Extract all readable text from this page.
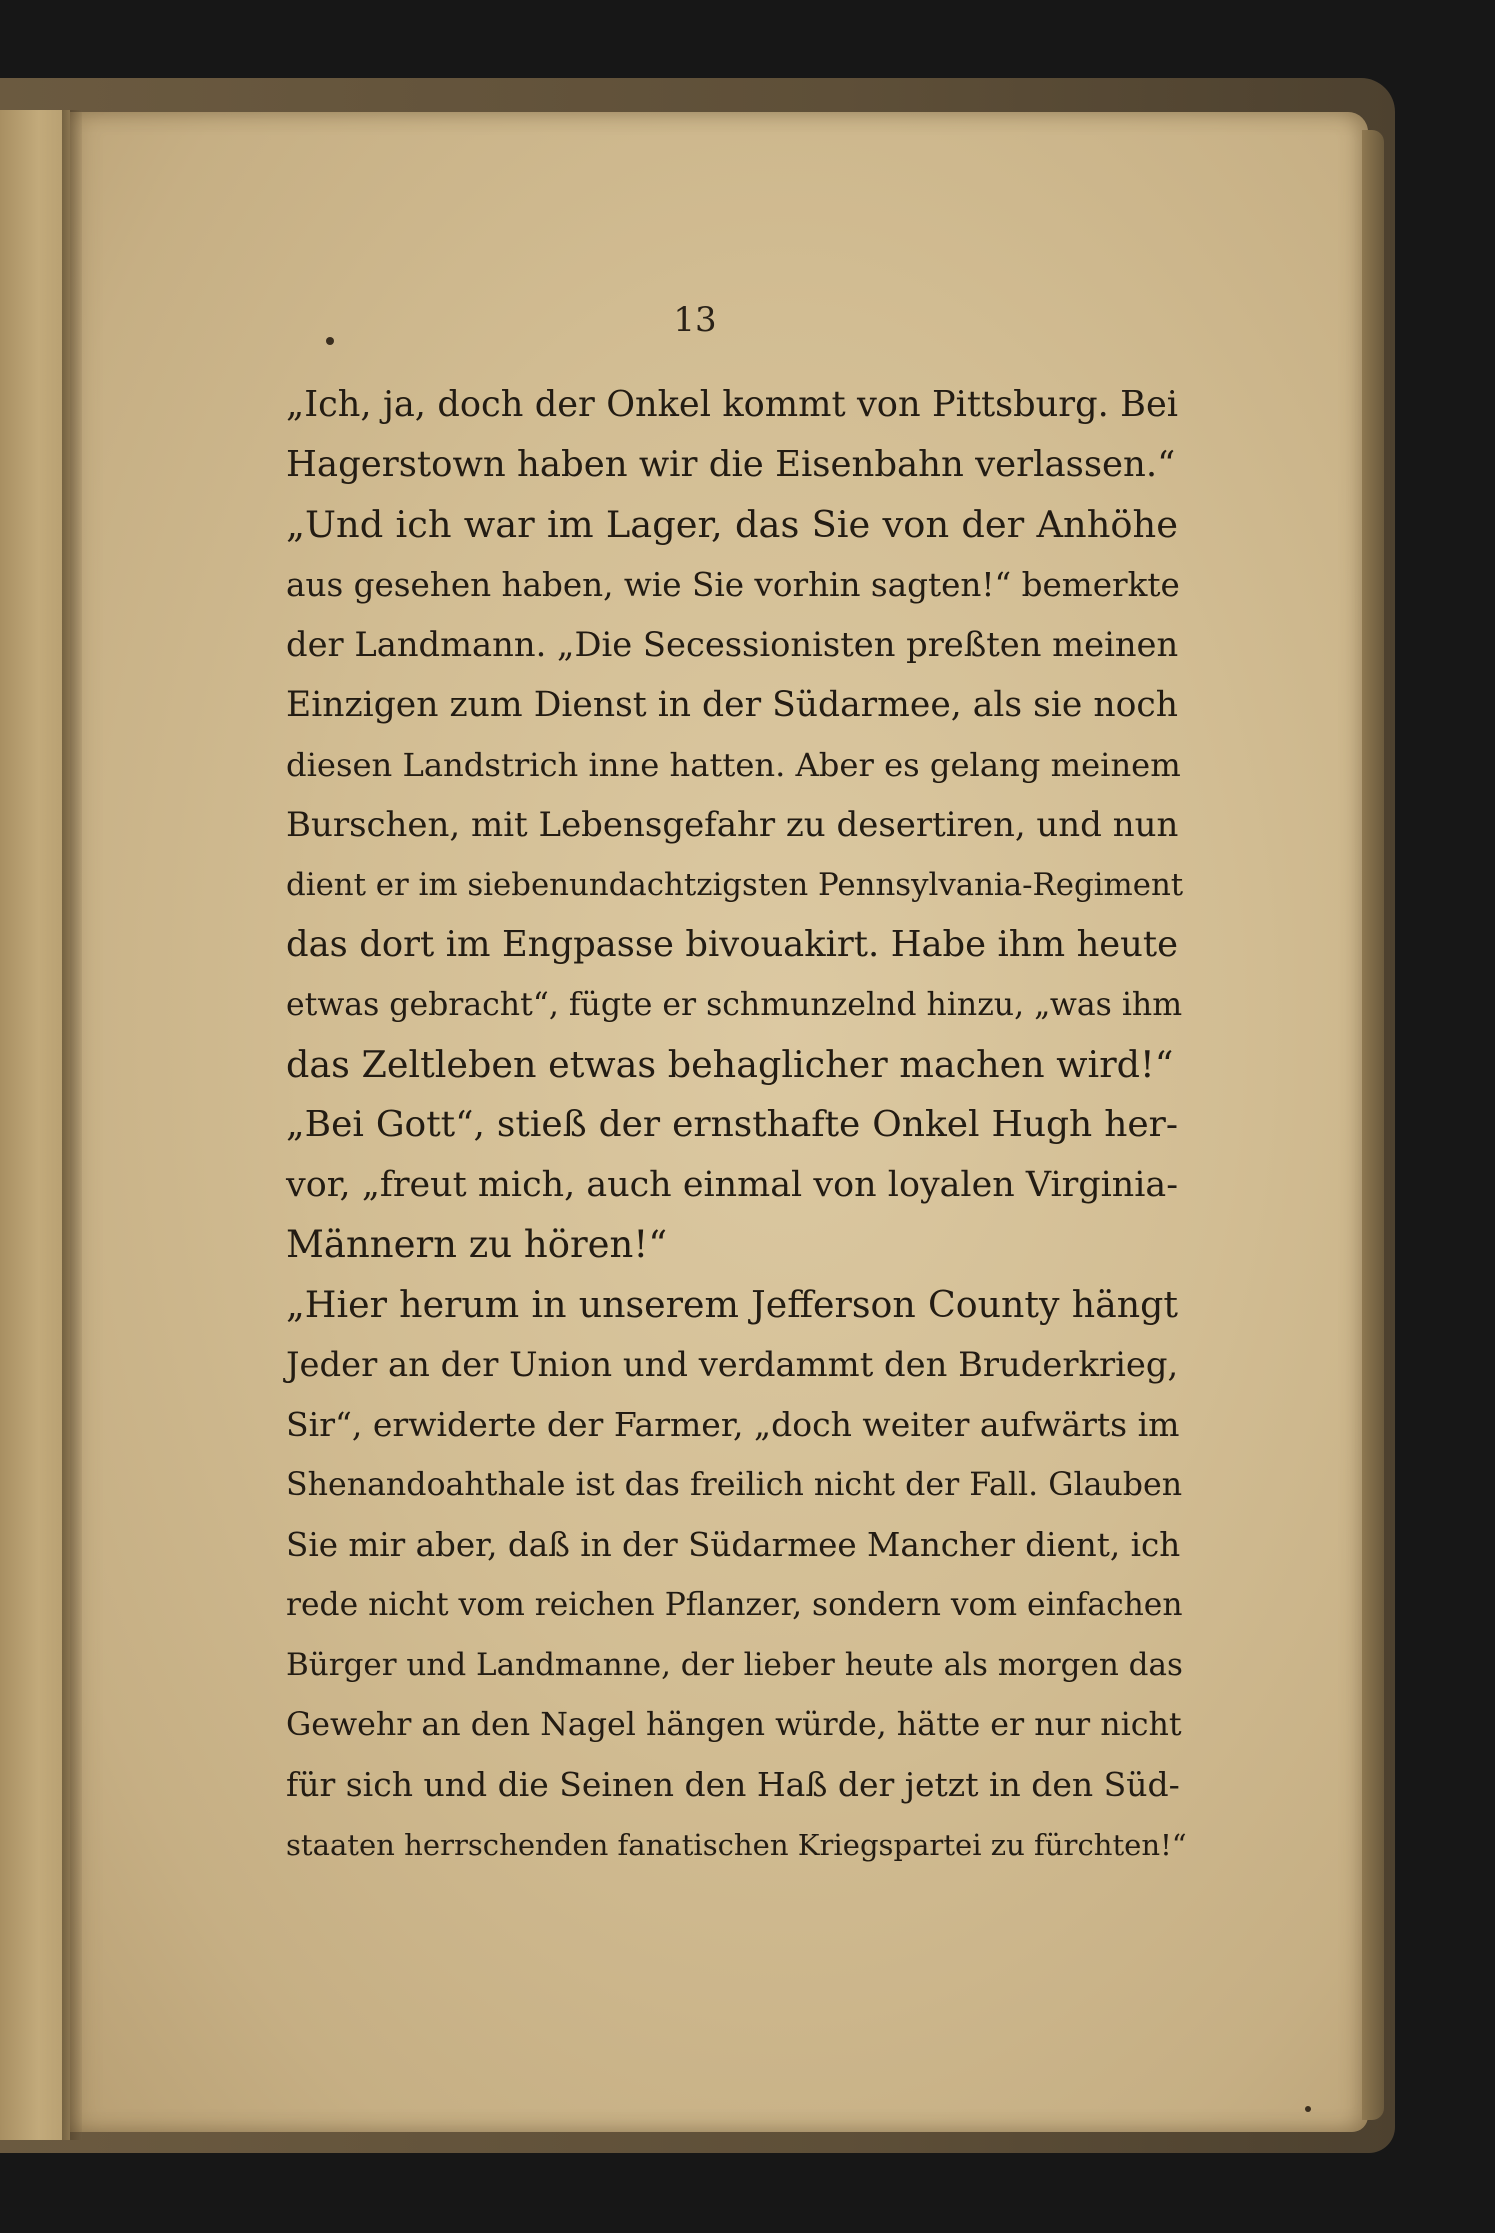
13

„Ich, ja, doch der Onkel kommt von Pittsburg. Bei
Hagerstown haben wir die Eisenbahn verlassen.“

„Und ich war im Lager, das Sie von der Anhöhe
aus gesehen haben, wie Sie vorhin sagten!“ bemerkte
der Landmann. „Die Secessionisten preßten meinen
Einzigen zum Dienst in der Südarmee, als sie noch
diesen Landstrich inne hatten. Aber es gelang meinem
Burschen, mit Lebensgefahr zu desertiren, und nun
dient er im siebenundachtzigsten Pennsylvania-Regiment
das dort im Engpasse bivouakirt. Habe ihm heute
etwas gebracht“, fügte er schmunzelnd hinzu, „was ihm
das Zeltleben etwas behaglicher machen wird!“

„Bei Gott“, stieß der ernsthafte Onkel Hugh her-
vor, „freut mich, auch einmal von loyalen Virginia-
Männern zu hören!“

„Hier herum in unserem Jefferson County hängt
Jeder an der Union und verdammt den Bruderkrieg,
Sir“, erwiderte der Farmer, „doch weiter aufwärts im
Shenandoahthale ist das freilich nicht der Fall. Glauben
Sie mir aber, daß in der Südarmee Mancher dient, ich
rede nicht vom reichen Pflanzer, sondern vom einfachen
Bürger und Landmanne, der lieber heute als morgen das
Gewehr an den Nagel hängen würde, hätte er nur nicht
für sich und die Seinen den Haß der jetzt in den Süd-
staaten herrschenden fanatischen Kriegspartei zu fürchten!“
